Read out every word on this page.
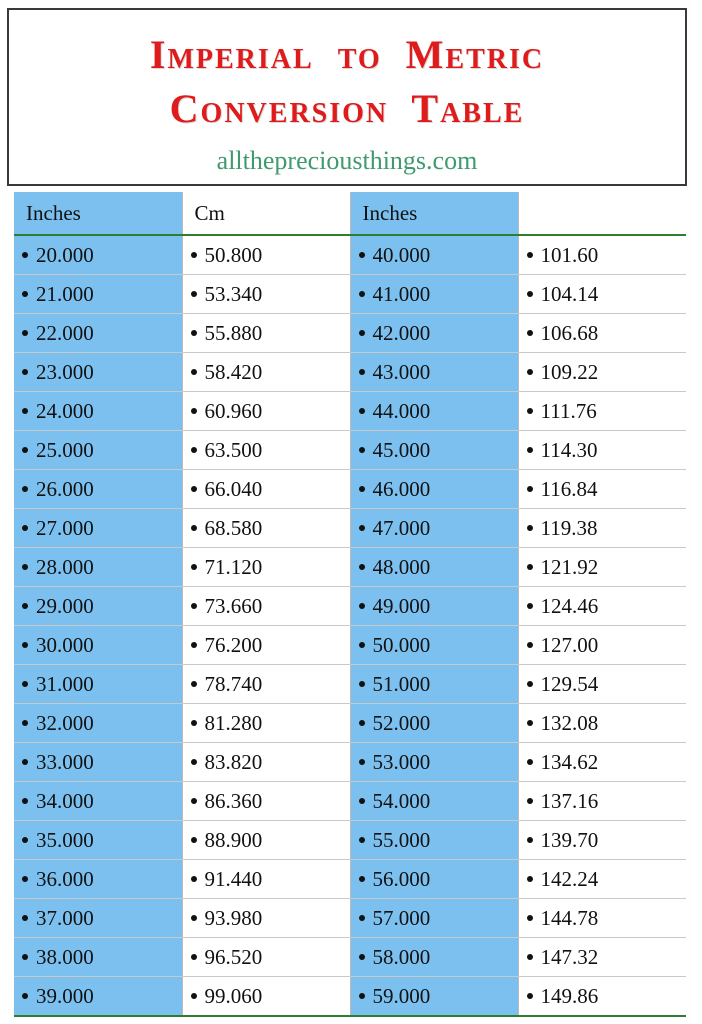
Imperial  to  Metric
Conversion  Table
allthepreciousthings.com
Inches	Cm	Inches	

20.000	50.800	40.000	101.60

21.000	53.340	41.000	104.14

22.000	55.880	42.000	106.68

23.000	58.420	43.000	109.22

24.000	60.960	44.000	111.76

25.000	63.500	45.000	114.30

26.000	66.040	46.000	116.84

27.000	68.580	47.000	119.38

28.000	71.120	48.000	121.92

29.000	73.660	49.000	124.46

30.000	76.200	50.000	127.00

31.000	78.740	51.000	129.54

32.000	81.280	52.000	132.08

33.000	83.820	53.000	134.62

34.000	86.360	54.000	137.16

35.000	88.900	55.000	139.70

36.000	91.440	56.000	142.24

37.000	93.980	57.000	144.78

38.000	96.520	58.000	147.32

39.000	99.060	59.000	149.86
